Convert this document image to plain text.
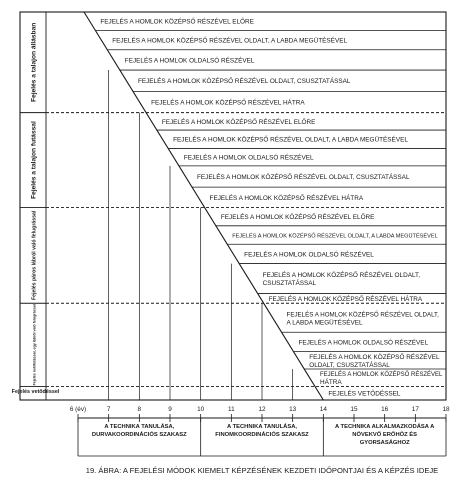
FEJELÉS A HOMLOK KÖZÉPSŐ RÉSZÉVEL ELŐRE
FEJELÉS A HOMLOK KÖZÉPSŐ RÉSZÉVEL OLDALT, A LABDA MEGÜTÉSÉVEL
FEJELÉS A HOMLOK OLDALSÓ RÉSZÉVEL
FEJELÉS A HOMLOK KÖZÉPSŐ RÉSZÉVEL OLDALT, CSUSZTATÁSSAL
FEJELÉS A HOMLOK KÖZÉPSŐ RÉSZÉVEL HÁTRA
FEJELÉS A HOMLOK KÖZÉPSŐ RÉSZÉVEL ELŐRE
FEJELÉS A HOMLOK KÖZÉPSŐ RÉSZÉVEL OLDALT, A LABDA MEGÜTÉSÉVEL
FEJELÉS A HOMLOK OLDALSÓ RÉSZÉVEL
FEJELÉS A HOMLOK KÖZÉPSŐ RÉSZÉVEL OLDALT, CSUSZTATÁSSAL
FEJELÉS A HOMLOK KÖZÉPSŐ RÉSZÉVEL HÁTRA
FEJELÉS A HOMLOK KÖZÉPSŐ RÉSZÉVEL ELŐRE
FEJELÉS A HOMLOK KÖZÉPSŐ RÉSZÉVEL OLDALT, A LABDA MEGÜTÉSÉVEL
FEJELÉS A HOMLOK OLDALSÓ RÉSZÉVEL
FEJELÉS A HOMLOK KÖZÉPSŐ RÉSZÉVEL OLDALT,
CSUSZTATÁSSAL
FEJELÉS A HOMLOK KÖZÉPSŐ RÉSZÉVEL HÁTRA
FEJELÉS A HOMLOK KÖZÉPSŐ RÉSZÉVEL OLDALT,
A LABDA MEGÜTÉSÉVEL
FEJELÉS A HOMLOK OLDALSÓ RÉSZÉVEL
FEJELÉS A HOMLOK KÖZÉPSŐ RÉSZÉVEL
OLDALT, CSUSZTATÁSSAL
FEJELÉS A HOMLOK KÖZÉPSŐ RÉSZÉVEL
HÁTRA
FEJELÉS VETŐDÉSSEL
Fejelés a talajon állásban
Fejelés a talajon futással
Fejelés páros lábról való felugrással
Fejelés nekifutással, egy lábról való felugrással
Fejelés vetődéssel
6 (év)	7	8	9	10	11	12	13	14	15	16	17	18
A TECHNIKA TANULÁSA,
DURVAKOORDINÁCIÓS SZAKASZ
A TECHNIKA TANULÁSA,
FINOMKOORDINÁCIÓS SZAKASZ
A TECHNIKA ALKALMAZKODÁSA A
NÖVEKVŐ ERŐHÖZ ÉS
GYORSASÁGHOZ
19. ÁBRA: A FEJELÉSI MÓDOK KIEMELT KÉPZÉSÉNEK KEZDETI IDŐPONTJAI ÉS A KÉPZÉS IDEJE
